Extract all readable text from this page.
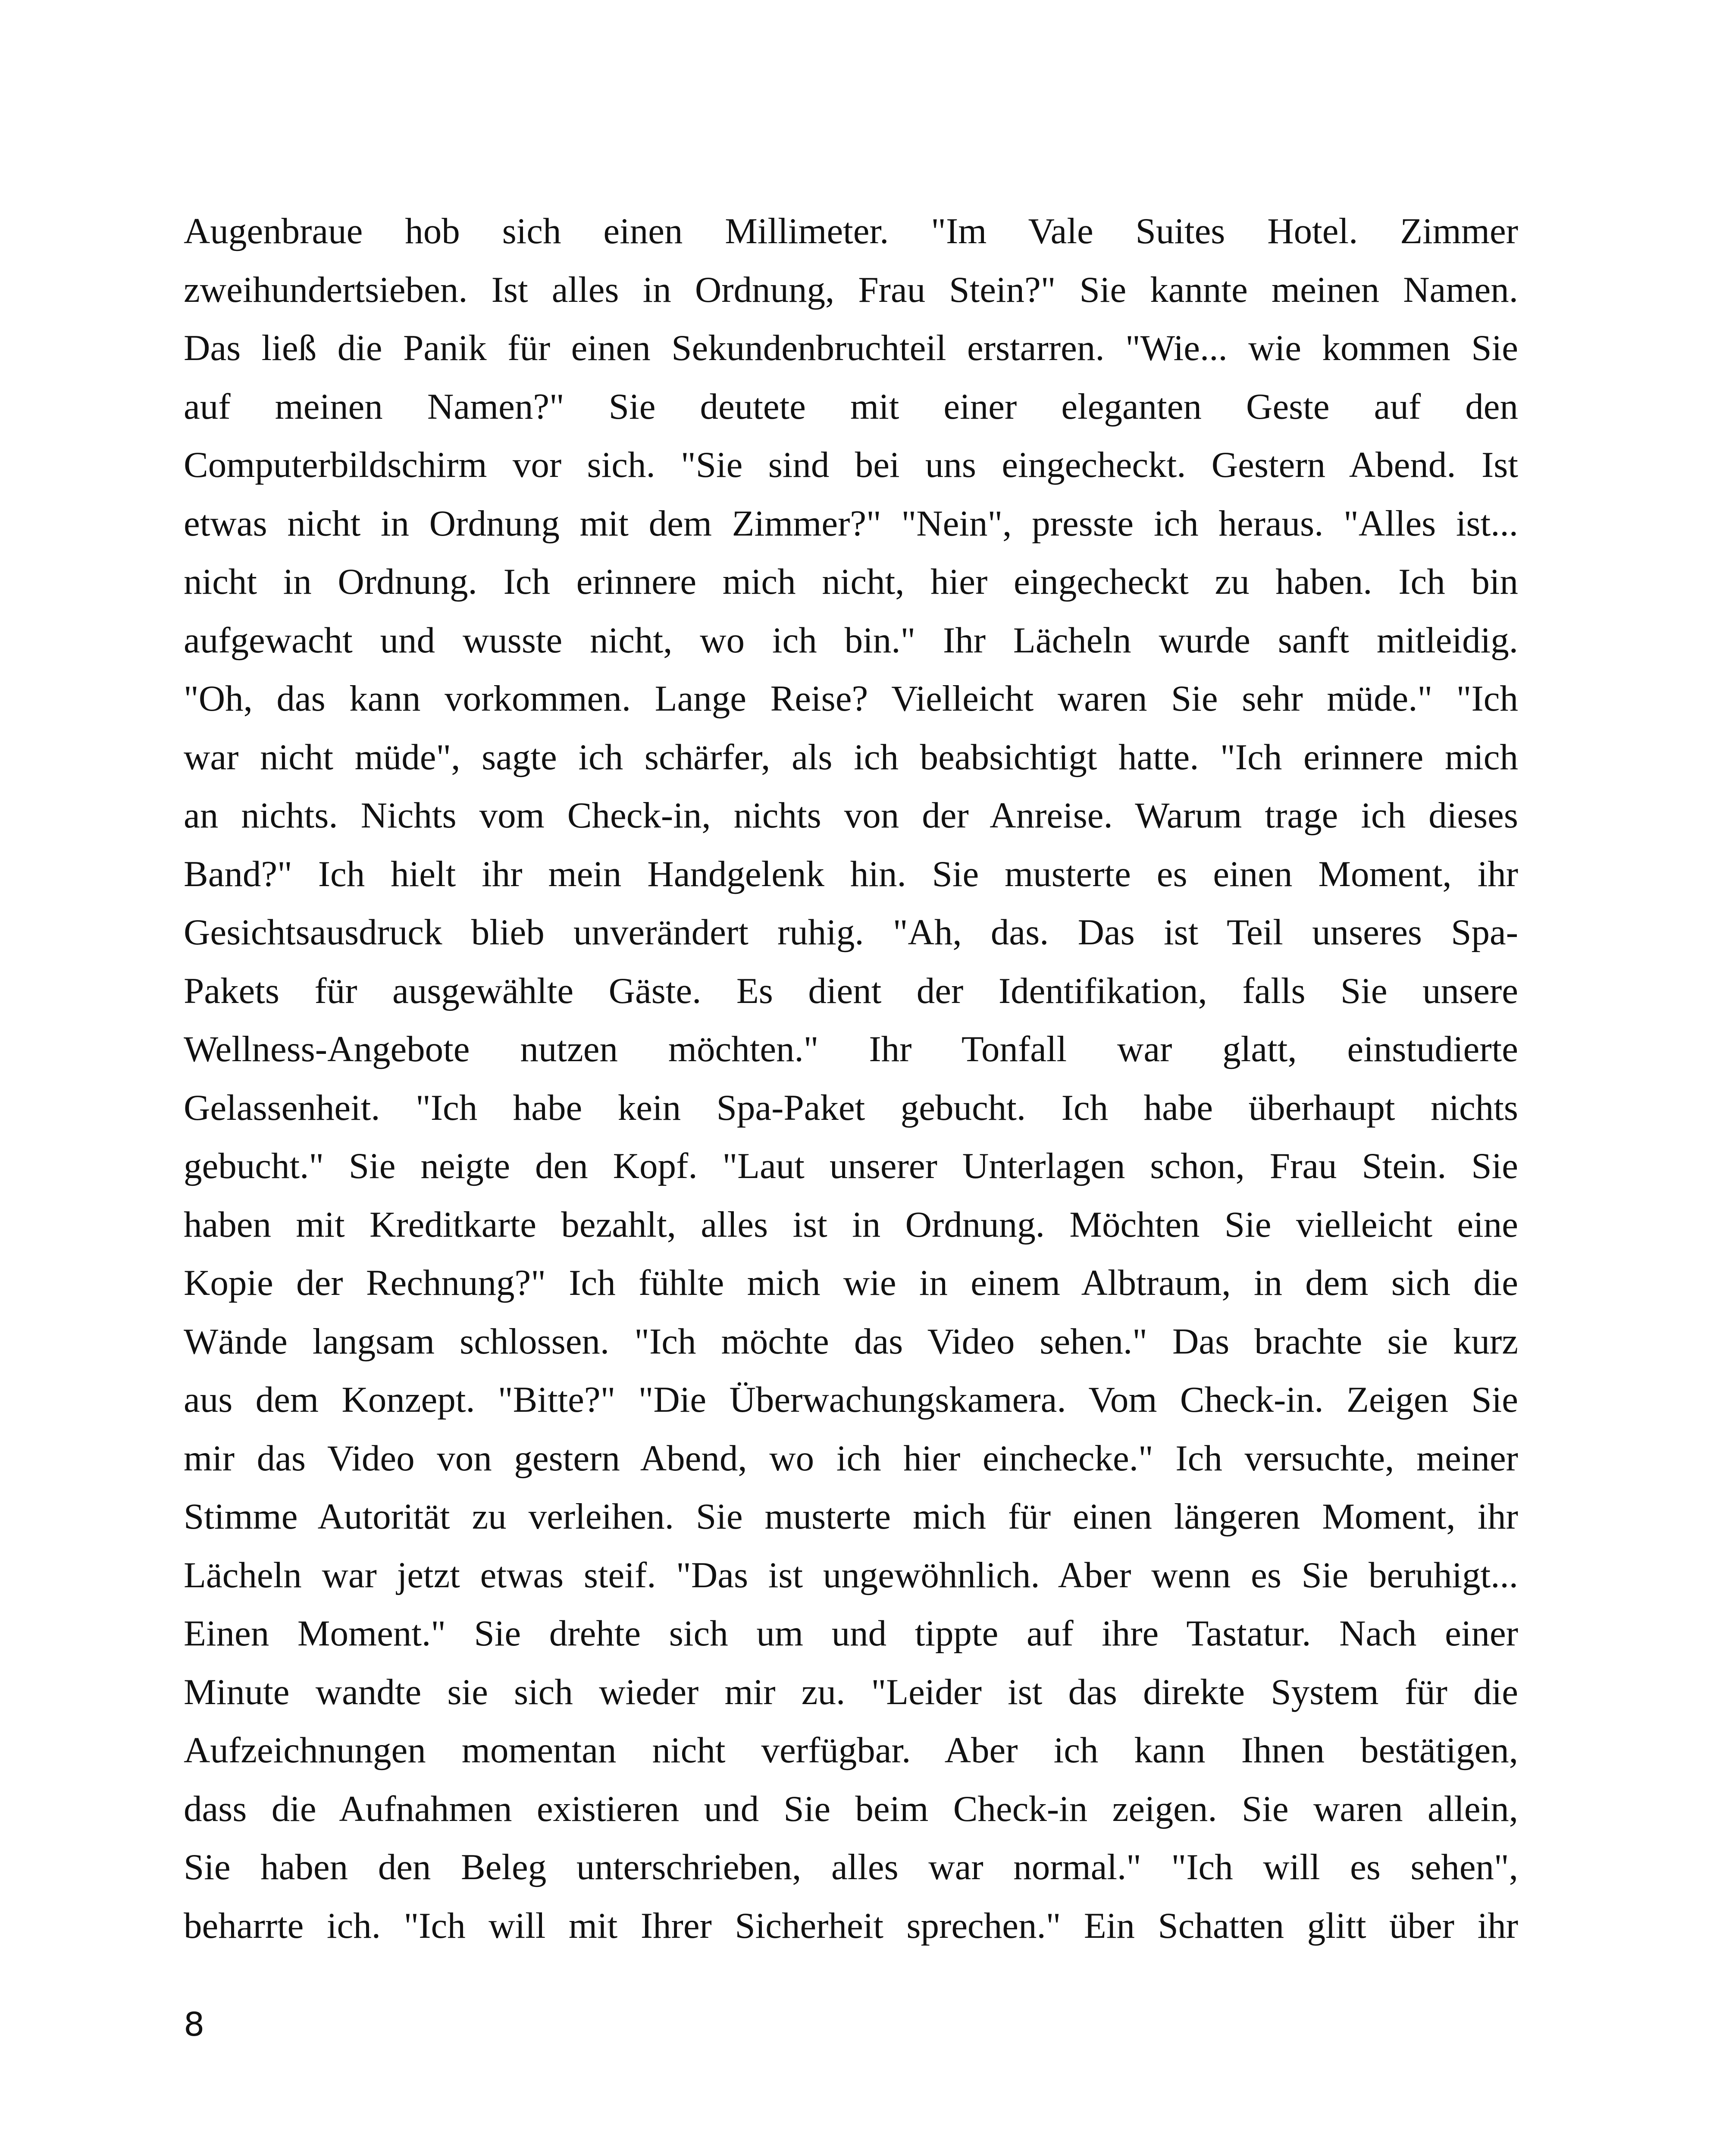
Augenbraue hob sich einen Millimeter. "Im Vale Suites Hotel. Zimmer
zweihundertsieben. Ist alles in Ordnung, Frau Stein?" Sie kannte meinen Namen.
Das ließ die Panik für einen Sekundenbruchteil erstarren. "Wie... wie kommen Sie
auf meinen Namen?" Sie deutete mit einer eleganten Geste auf den
Computerbildschirm vor sich. "Sie sind bei uns eingecheckt. Gestern Abend. Ist
etwas nicht in Ordnung mit dem Zimmer?" "Nein", presste ich heraus. "Alles ist...
nicht in Ordnung. Ich erinnere mich nicht, hier eingecheckt zu haben. Ich bin
aufgewacht und wusste nicht, wo ich bin." Ihr Lächeln wurde sanft mitleidig.
"Oh, das kann vorkommen. Lange Reise? Vielleicht waren Sie sehr müde." "Ich
war nicht müde", sagte ich schärfer, als ich beabsichtigt hatte. "Ich erinnere mich
an nichts. Nichts vom Check-in, nichts von der Anreise. Warum trage ich dieses
Band?" Ich hielt ihr mein Handgelenk hin. Sie musterte es einen Moment, ihr
Gesichtsausdruck blieb unverändert ruhig. "Ah, das. Das ist Teil unseres Spa-
Pakets für ausgewählte Gäste. Es dient der Identifikation, falls Sie unsere
Wellness-Angebote nutzen möchten." Ihr Tonfall war glatt, einstudierte
Gelassenheit. "Ich habe kein Spa-Paket gebucht. Ich habe überhaupt nichts
gebucht." Sie neigte den Kopf. "Laut unserer Unterlagen schon, Frau Stein. Sie
haben mit Kreditkarte bezahlt, alles ist in Ordnung. Möchten Sie vielleicht eine
Kopie der Rechnung?" Ich fühlte mich wie in einem Albtraum, in dem sich die
Wände langsam schlossen. "Ich möchte das Video sehen." Das brachte sie kurz
aus dem Konzept. "Bitte?" "Die Überwachungskamera. Vom Check-in. Zeigen Sie
mir das Video von gestern Abend, wo ich hier einchecke." Ich versuchte, meiner
Stimme Autorität zu verleihen. Sie musterte mich für einen längeren Moment, ihr
Lächeln war jetzt etwas steif. "Das ist ungewöhnlich. Aber wenn es Sie beruhigt...
Einen Moment." Sie drehte sich um und tippte auf ihre Tastatur. Nach einer
Minute wandte sie sich wieder mir zu. "Leider ist das direkte System für die
Aufzeichnungen momentan nicht verfügbar. Aber ich kann Ihnen bestätigen,
dass die Aufnahmen existieren und Sie beim Check-in zeigen. Sie waren allein,
Sie haben den Beleg unterschrieben, alles war normal." "Ich will es sehen",
beharrte ich. "Ich will mit Ihrer Sicherheit sprechen." Ein Schatten glitt über ihr
8
